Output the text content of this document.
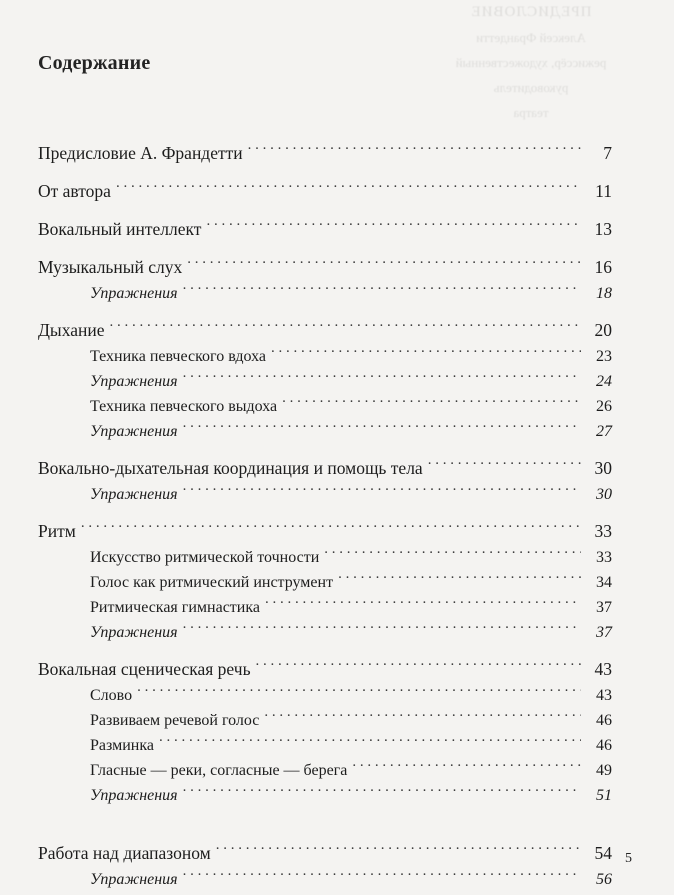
ПРЕДИСЛОВИЕ
Алексей Франдетти
режиссёр, художественный
руководитель
театра
Содержание
Предисловие А. Франдетти . . .	7
От автора . . .	11
Вокальный интеллект . . .	13
Музыкальный слух . . .	16
Упражнения . . .	18
Дыхание . . .	20
Техника певческого вдоха . . .	23
Упражнения . . .	24
Техника певческого выдоха . . .	26
Упражнения . . .	27
Вокально-дыхательная координация и помощь тела . . .	30
Упражнения . . .	30
Ритм . . .	33
Искусство ритмической точности . . .	33
Голос как ритмический инструмент . . .	34
Ритмическая гимнастика . . .	37
Упражнения . . .	37
Вокальная сценическая речь . . .	43
Слово . . .	43
Развиваем речевой голос . . .	46
Разминка . . .	46
Гласные — реки, согласные — берега . . .	49
Упражнения . . .	51
Работа над диапазоном . . .	54
Упражнения . . .	56
5
